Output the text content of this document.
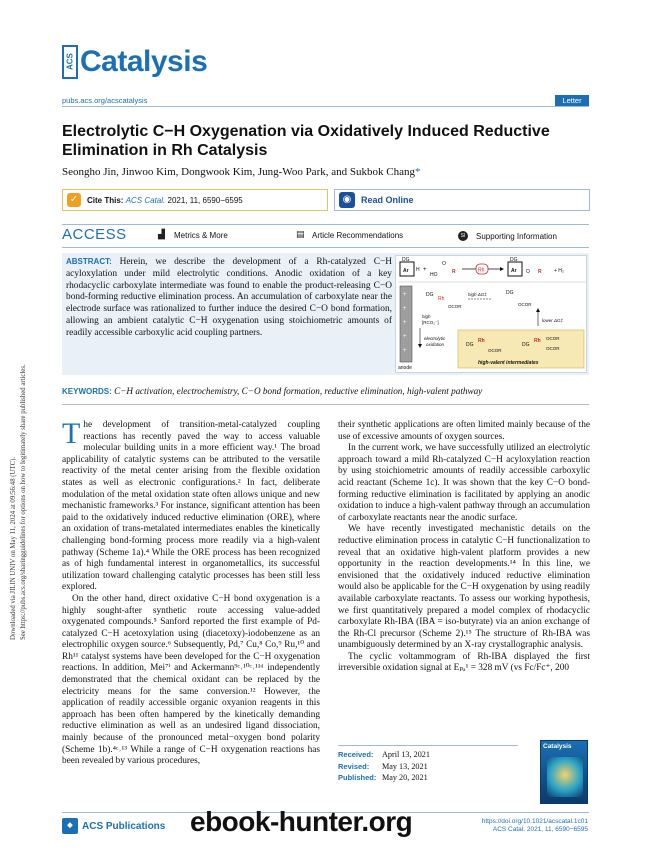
Downloaded via JILIN UNIV on May 11, 2024 at 09:56:48 (UTC). See https://pubs.acs.org/sharingguidelines for options on how to legitimately share published articles.
ACS Catalysis
pubs.acs.org/acscatalysis	Letter
Electrolytic C−H Oxygenation via Oxidatively Induced Reductive Elimination in Rh Catalysis
Seongho Jin, Jinwoo Kim, Dongwook Kim, Jung-Woo Park, and Sukbok Chang*
✓	Cite This: ACS Catal. 2021, 11, 6590−6595	◉	Read Online
ACCESS	▟	Metrics & More	▤ Article Recommendations	SI	Supporting Information
ABSTRACT: Herein, we describe the development of a Rh-catalyzed C−H acyloxylation under mild electrolytic conditions. Anodic oxidation of a key rhodacyclic carboxylate intermediate was found to enable the product-releasing C−O bond-forming reductive elimination process. An accumulation of carboxylate near the electrode surface was rationalized to further induce the desired C−O bond formation, allowing an ambient catalytic C−H oxygenation using stoichiometric amounts of readily accessible carboxylic acid coupling partners.
DG
Ar H +
HO
O
R	Rh
DG
Ar O R + H₂
+
+
+
+
+
anode
DG
Rh
OCOR
high ΔG‡	DG
OCOR
high
[RCO₂⁻]
electrolytic
oxidation
lower ΔG‡
DG
Rh
OCOR
DG
Rh OCOR
OCOR
high-valent intermediates
KEYWORDS: C−H activation, electrochemistry, C−O bond formation, reductive elimination, high-valent pathway

The development of transition-metal-catalyzed coupling reactions has recently paved the way to access valuable molecular building units in a more efficient way.¹ The broad applicability of catalytic systems can be attributed to the versatile reactivity of the metal center arising from the flexible oxidation states as well as electronic configurations.² In fact, deliberate modulation of the metal oxidation state often allows unique and new mechanistic frameworks.³ For instance, significant attention has been paid to the oxidatively induced reductive elimination (ORE), where an oxidation of trans-metalated intermediates enables the kinetically challenging bond-forming process more readily via a high-valent pathway (Scheme 1a).⁴ While the ORE process has been recognized as of high fundamental interest in organometallics, its successful utilization toward challenging catalytic processes has been still less explored.

On the other hand, direct oxidative C−H bond oxygenation is a highly sought-after synthetic route accessing value-added oxygenated compounds.⁵ Sanford reported the first example of Pd-catalyzed C−H acetoxylation using (diacetoxy)-iodobenzene as an electrophilic oxygen source.⁶ Subsequently, Pd,⁷ Cu,⁸ Co,⁹ Ru,¹⁰ and Rh¹¹ catalyst systems have been developed for the C−H oxygenation reactions. In addition, Mei⁷ⁱ and Ackermann⁹ᶜ˒¹⁰ᶜ˒¹¹ᵈ independently demonstrated that the chemical oxidant can be replaced by the electricity means for the same conversion.¹² However, the application of readily accessible organic oxyanion reagents in this approach has been often hampered by the kinetically demanding reductive elimination as well as an undesired ligand dissociation, mainly because of the pronounced metal−oxygen bond polarity (Scheme 1b).⁴ᶜ˒¹³ While a range of C−H oxygenation reactions has been revealed by various procedures,

their synthetic applications are often limited mainly because of the use of excessive amounts of oxygen sources.

In the current work, we have successfully utilized an electrolytic approach toward a mild Rh-catalyzed C−H acyloxylation reaction by using stoichiometric amounts of readily accessible carboxylic acid reactant (Scheme 1c). It was shown that the key C−O bond-forming reductive elimination is facilitated by applying an anodic oxidation to induce a high-valent pathway through an accumulation of carboxylate reactants near the anodic surface.

We have recently investigated mechanistic details on the reductive elimination process in catalytic C−H functionalization to reveal that an oxidative high-valent platform provides a new opportunity in the reaction developments.¹⁴ In this line, we envisioned that the oxidatively induced reductive elimination would also be applicable for the C−H oxygenation by using readily available carboxylate reactants. To assess our working hypothesis, we first quantitatively prepared a model complex of rhodacyclic carboxylate Rh-IBA (IBA = iso-butyrate) via an anion exchange of the Rh-Cl precursor (Scheme 2).¹⁵ The structure of Rh-IBA was unambiguously determined by an X-ray crystallographic analysis.

The cyclic voltammogram of Rh-IBA displayed the first irreversible oxidation signal at Eₚₐ¹ = 328 mV (vs Fc/Fc⁺, 200

Received: April 13, 2021
Revised: May 13, 2021
Published: May 20, 2021
Catalysis
◆ ACS Publications ebook-hunter.org	https://doi.org/10.1021/acscatal.1c01
ACS Catal. 2021, 11, 6590−6595
